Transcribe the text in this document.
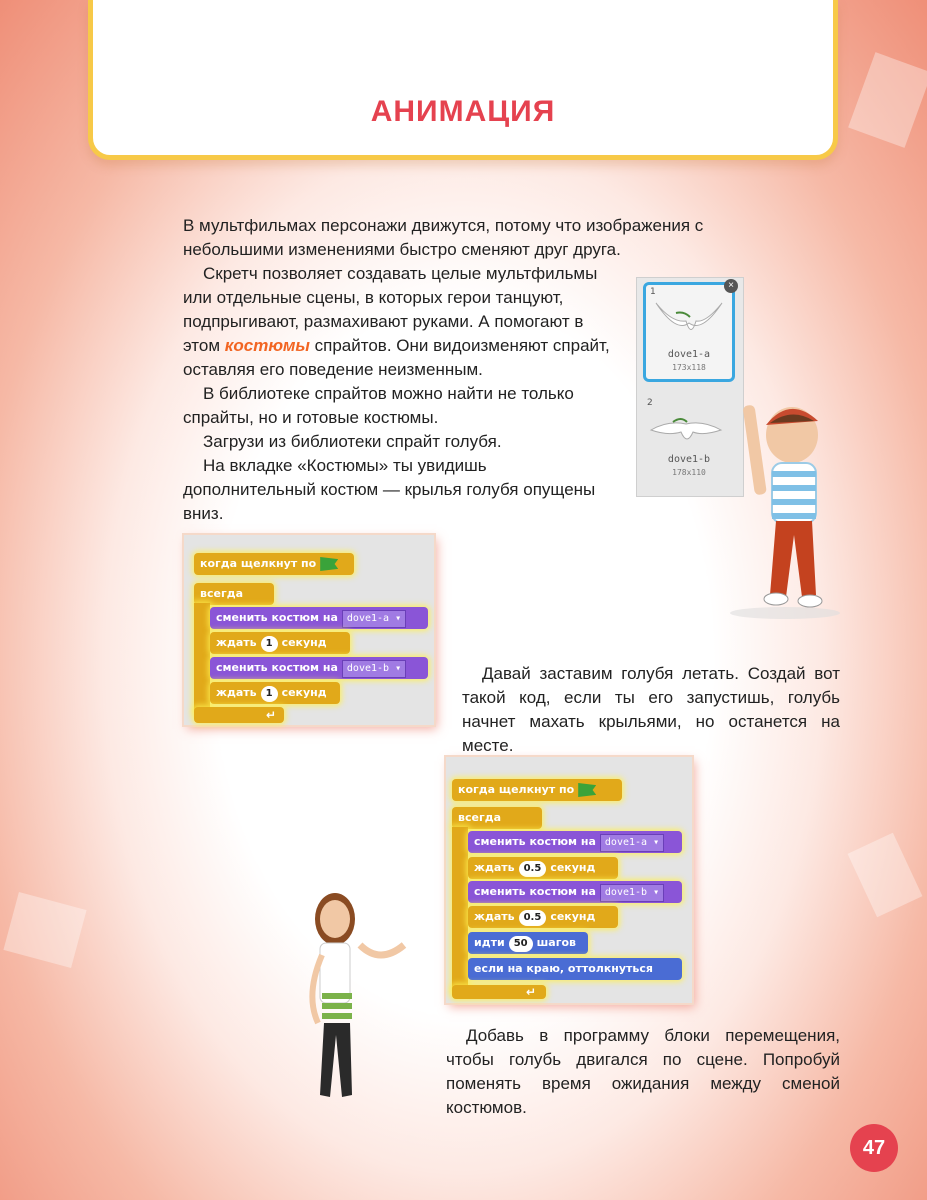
АНИМАЦИЯ

В мультфильмах персонажи движутся, потому что изображения с небольшими изменениями быстро сменяют друг друга.

Скретч позволяет создавать целые мультфильмы или отдельные сцены, в которых герои танцуют, подпрыгивают, размахивают руками. А помогают в этом костюмы спрайтов. Они видоизменяют спрайт, оставляя его поведение неизменным.

В библиотеке спрайтов можно найти не только спрайты, но и готовые костюмы.

Загрузи из библиотеки спрайт голубя.

На вкладке «Костюмы» ты увидишь дополнительный костюм — крылья голубя опущены вниз.

1
×
dove1-a
173x118
2
dove1-b
178x110
когда щелкнут по
всегда
сменить костюм на dove1-a ▾
ждать 1 секунд
сменить костюм на dove1-b ▾
ждать 1 секунд
↵

Давай заставим голубя летать. Создай вот такой код, если ты его запустишь, голубь начнет махать крыльями, но останется на месте.

когда щелкнут по
всегда
сменить костюм на dove1-a ▾
ждать 0.5 секунд
сменить костюм на dove1-b ▾
ждать 0.5 секунд
идти 50 шагов
если на краю, оттолкнуться
↵

Добавь в программу блоки перемещения, чтобы голубь двигался по сцене. Попробуй поменять время ожидания между сменой костюмов.

47
